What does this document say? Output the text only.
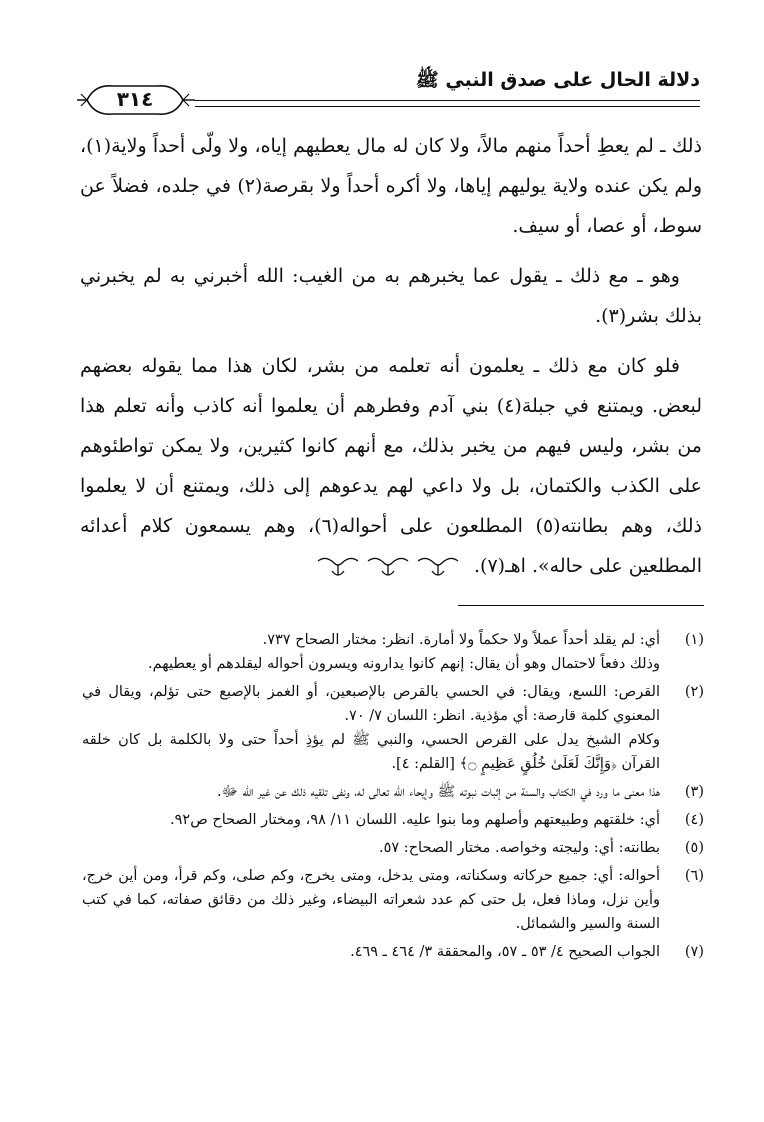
دلالة الحال على صدق النبي ﷺ
٣١٤

ذلك ـ لم يعطِ أحداً منهم مالاً، ولا كان له مال يعطيهم إياه، ولا ولّى أحداً ولاية(١)، ولم يكن عنده ولاية يوليهم إياها، ولا أكره أحداً ولا بقرصة(٢) في جلده، فضلاً عن سوط، أو عصا، أو سيف.

وهو ـ مع ذلك ـ يقول عما يخبرهم به من الغيب: الله أخبرني به لم يخبرني بذلك بشر(٣).

فلو كان مع ذلك ـ يعلمون أنه تعلمه من بشر، لكان هذا مما يقوله بعضهم لبعض. ويمتنع في جبلة(٤) بني آدم وفطرهم أن يعلموا أنه كاذب وأنه تعلم هذا من بشر، وليس فيهم من يخبر بذلك، مع أنهم كانوا كثيرين، ولا يمكن تواطئوهم على الكذب والكتمان، بل ولا داعي لهم يدعوهم إلى ذلك، ويمتنع أن لا يعلموا ذلك، وهم بطانته(٥) المطلعون على أحواله(٦)، وهم يسمعون كلام أعدائه المطلعين على حاله». اهـ(٧).

(١)
أي: لم يقلد أحداً عملاً ولا حكماً ولا أمارة. انظر: مختار الصحاح ٧٣٧.
وذلك دفعاً لاحتمال وهو أن يقال: إنهم كانوا يدارونه ويسرون أحواله ليقلدهم أو يعطيهم.
(٢)
القرص: اللسع، ويقال: في الحسي بالقرص بالإصبعين، أو الغمز بالإصبع حتى تؤلم، ويقال في المعنوي كلمة قارصة: أي مؤذية. انظر: اللسان ٧/ ٧٠.
وكلام الشيخ يدل على القرص الحسي، والنبي ﷺ لم يؤذِ أحداً حتى ولا بالكلمة بل كان خلقه القرآن ﴿وَإِنَّكَ لَعَلَىٰ خُلُقٍ عَظِيمٍ ۝﴾ [القلم: ٤].
(٣)
هذا معنى ما ورد في الكتاب والسنة من إثبات نبوته ﷺ وإيحاء الله تعالى له، ونفى تلقيه ذلك عن غير الله ﷻ.
(٤)
أي: خلقتهم وطبيعتهم وأصلهم وما بنوا عليه. اللسان ١١/ ٩٨، ومختار الصحاح ص٩٢.
(٥)
بطانته: أي: وليجته وخواصه. مختار الصحاح: ٥٧.
(٦)
أحواله: أي: جميع حركاته وسكناته، ومتى يدخل، ومتى يخرج، وكم صلى، وكم قرأ، ومن أين خرج، وأين نزل، وماذا فعل، بل حتى كم عدد شعراته البيضاء، وغير ذلك من دقائق صفاته، كما في كتب السنة والسير والشمائل.
(٧)
الجواب الصحيح ٤/ ٥٣ ـ ٥٧، والمحققة ٣/ ٤٦٤ ـ ٤٦٩.
